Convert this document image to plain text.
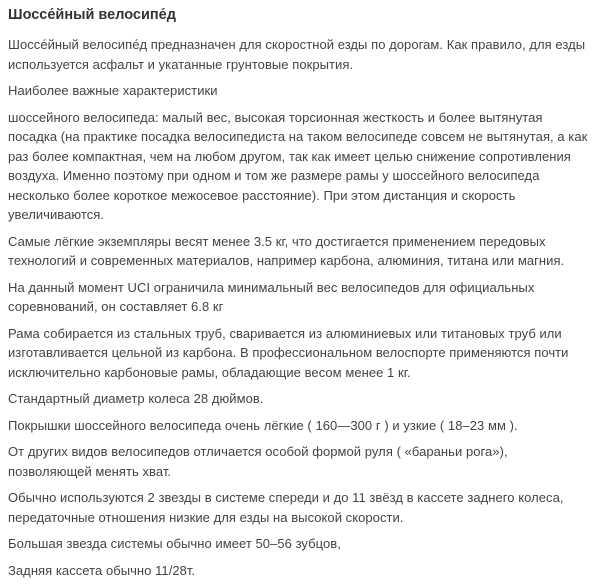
Шоссе́йный велосипе́д

Шоссе́йный велосипе́д предназначен для скоростной езды по дорогам. Как правило, для езды используется асфальт и укатанные грунтовые покрытия.

Наиболее важные характеристики

шоссейного велосипеда: малый вес, высокая торсионная жесткость и более вытянутая посадка (на практике посадка велосипедиста на таком велосипеде совсем не вытянутая, а как раз более компактная, чем на любом другом, так как имеет целью снижение сопротивления воздуха. Именно поэтому при одном и том же размере рамы у шоссейного велосипеда несколько более короткое межосевое расстояние). При этом дистанция и скорость увеличиваются.

Самые лёгкие экземпляры весят менее 3.5 кг, что достигается применением передовых технологий и современных материалов, например карбона, алюминия, титана или магния.

На данный момент UCI ограничила минимальный вес велосипедов для официальных соревнований, он составляет 6.8 кг

Рама собирается из стальных труб, сваривается из алюминиевых или титановых труб или изготавливается цельной из карбона. В профессиональном велоспорте применяются почти исключительно карбоновые рамы, обладающие весом менее 1 кг.

Стандартный диаметр колеса 28 дюймов.

Покрышки шоссейного велосипеда очень лёгкие ( 160—300 г ) и узкие ( 18–23 мм ).

От других видов велосипедов отличается особой формой руля ( «бараньи рога»), позволяющей менять хват.

Обычно используются 2 звезды в системе спереди и до 11 звёзд в кассете заднего колеса, передаточные отношения низкие для езды на высокой скорости.

Большая звезда системы обычно имеет 50–56 зубцов,

Задняя кассета обычно 11/28т.
